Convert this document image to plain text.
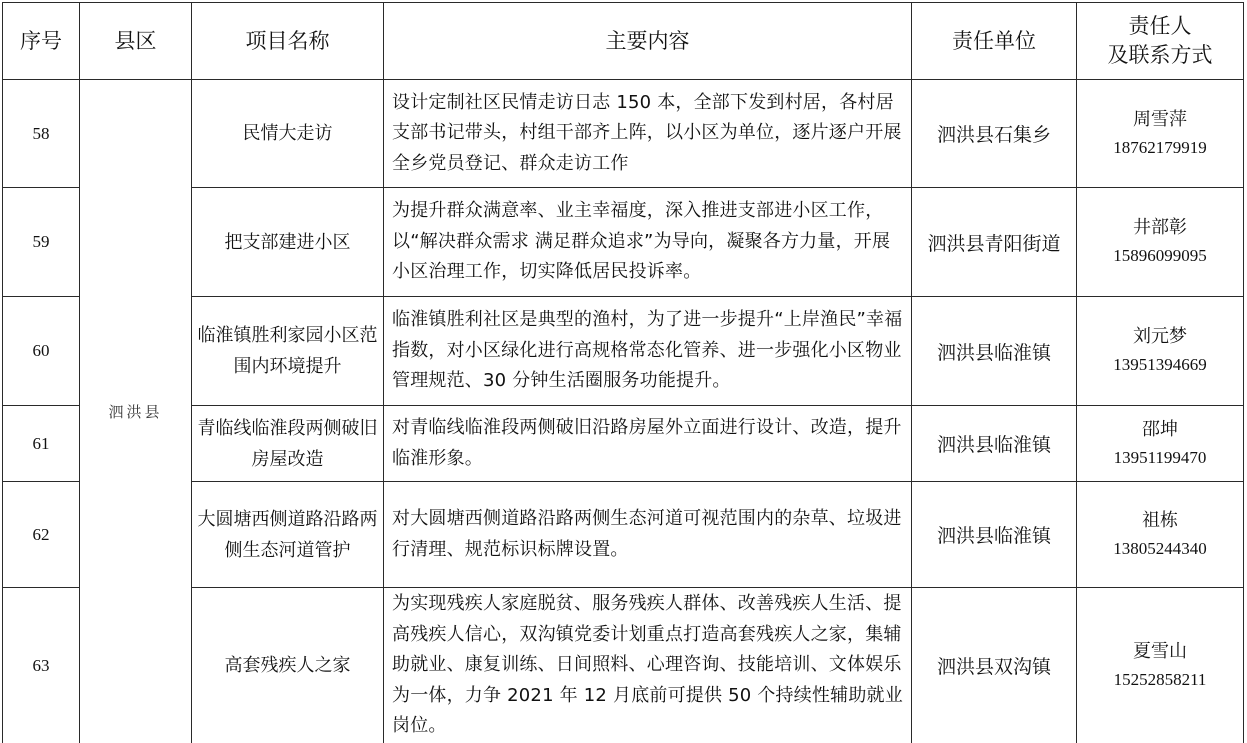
序号	县区	项目名称	主要内容	责任单位	责任人
及联系方式

58	泗洪县	民情大走访	设计定制社区民情走访日志 150 本，全部下发到村居，各村居支部书记带头，村组干部齐上阵，以小区为单位，逐片逐户开展全乡党员登记、群众走访工作	泗洪县石集乡	周雪萍
18762179919

59		把支部建进小区	为提升群众满意率、业主幸福度，深入推进支部进小区工作，以“解决群众需求 满足群众追求”为导向，凝聚各方力量，开展小区治理工作，切实降低居民投诉率。	泗洪县青阳街道	井部彰
15896099095

60		临淮镇胜利家园小区范围内环境提升	临淮镇胜利社区是典型的渔村，为了进一步提升“上岸渔民”幸福指数，对小区绿化进行高规格常态化管养、进一步强化小区物业管理规范、30 分钟生活圈服务功能提升。	泗洪县临淮镇	刘元梦
13951394669

61		青临线临淮段两侧破旧房屋改造	对青临线临淮段两侧破旧沿路房屋外立面进行设计、改造，提升临淮形象。	泗洪县临淮镇	邵坤
13951199470

62		大圆塘西侧道路沿路两侧生态河道管护	对大圆塘西侧道路沿路两侧生态河道可视范围内的杂草、垃圾进行清理、规范标识标牌设置。	泗洪县临淮镇	祖栋
13805244340

63		高套残疾人之家	为实现残疾人家庭脱贫、服务残疾人群体、改善残疾人生活、提高残疾人信心，双沟镇党委计划重点打造高套残疾人之家，集辅助就业、康复训练、日间照料、心理咨询、技能培训、文体娱乐为一体，力争 2021 年 12 月底前可提供 50 个持续性辅助就业岗位。	泗洪县双沟镇	夏雪山
15252858211
